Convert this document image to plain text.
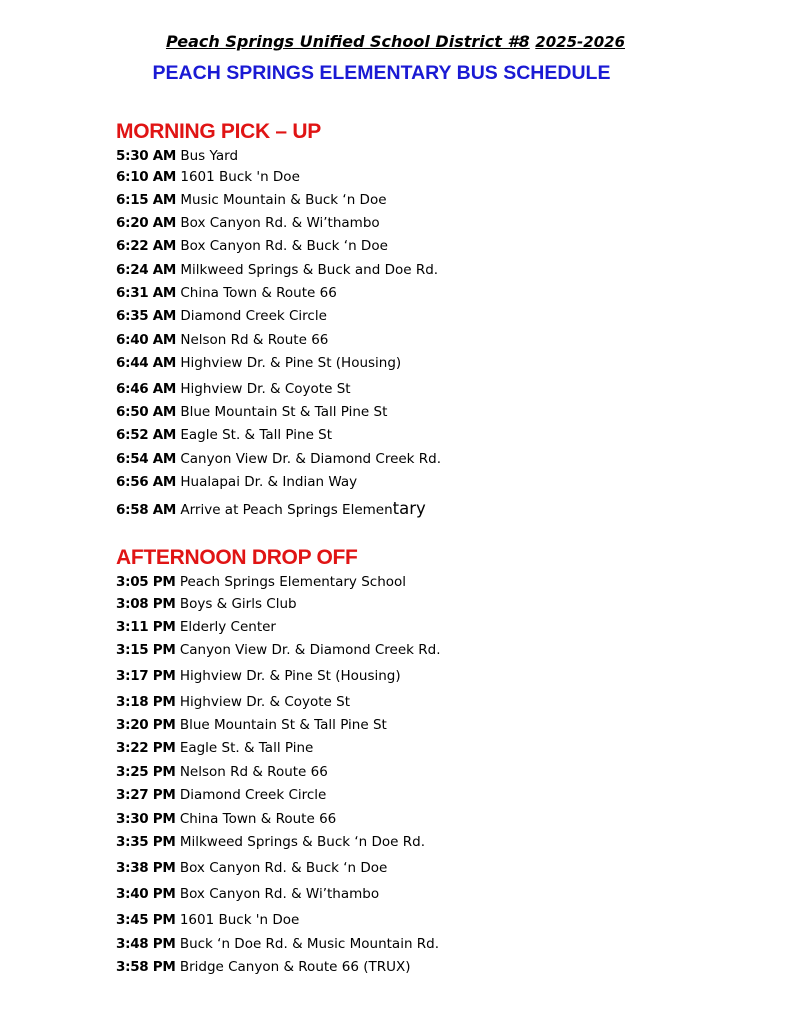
Peach Springs Unified School District #8 2025-2026
PEACH SPRINGS ELEMENTARY BUS SCHEDULE
MORNING PICK – UP
5:30 AM Bus Yard
6:10 AM 1601 Buck 'n Doe
6:15 AM Music Mountain & Buck ‘n Doe
6:20 AM Box Canyon Rd. & Wi’thambo
6:22 AM Box Canyon Rd. & Buck ‘n Doe
6:24 AM Milkweed Springs & Buck and Doe Rd.
6:31 AM China Town & Route 66
6:35 AM Diamond Creek Circle
6:40 AM Nelson Rd & Route 66
6:44 AM Highview Dr. & Pine St (Housing)
6:46 AM Highview Dr. & Coyote St
6:50 AM Blue Mountain St & Tall Pine St
6:52 AM Eagle St. & Tall Pine St
6:54 AM Canyon View Dr. & Diamond Creek Rd.
6:56 AM Hualapai Dr. & Indian Way
6:58 AM Arrive at Peach Springs Elementary
AFTERNOON DROP OFF
3:05 PM Peach Springs Elementary School
3:08 PM Boys & Girls Club
3:11 PM Elderly Center
3:15 PM Canyon View Dr. & Diamond Creek Rd.
3:17 PM Highview Dr. & Pine St (Housing)
3:18 PM Highview Dr. & Coyote St
3:20 PM Blue Mountain St & Tall Pine St
3:22 PM Eagle St. & Tall Pine
3:25 PM Nelson Rd & Route 66
3:27 PM Diamond Creek Circle
3:30 PM China Town & Route 66
3:35 PM Milkweed Springs & Buck ‘n Doe Rd.
3:38 PM Box Canyon Rd. & Buck ‘n Doe
3:40 PM Box Canyon Rd. & Wi’thambo
3:45 PM 1601 Buck 'n Doe
3:48 PM Buck ‘n Doe Rd. & Music Mountain Rd.
3:58 PM Bridge Canyon & Route 66 (TRUX)
